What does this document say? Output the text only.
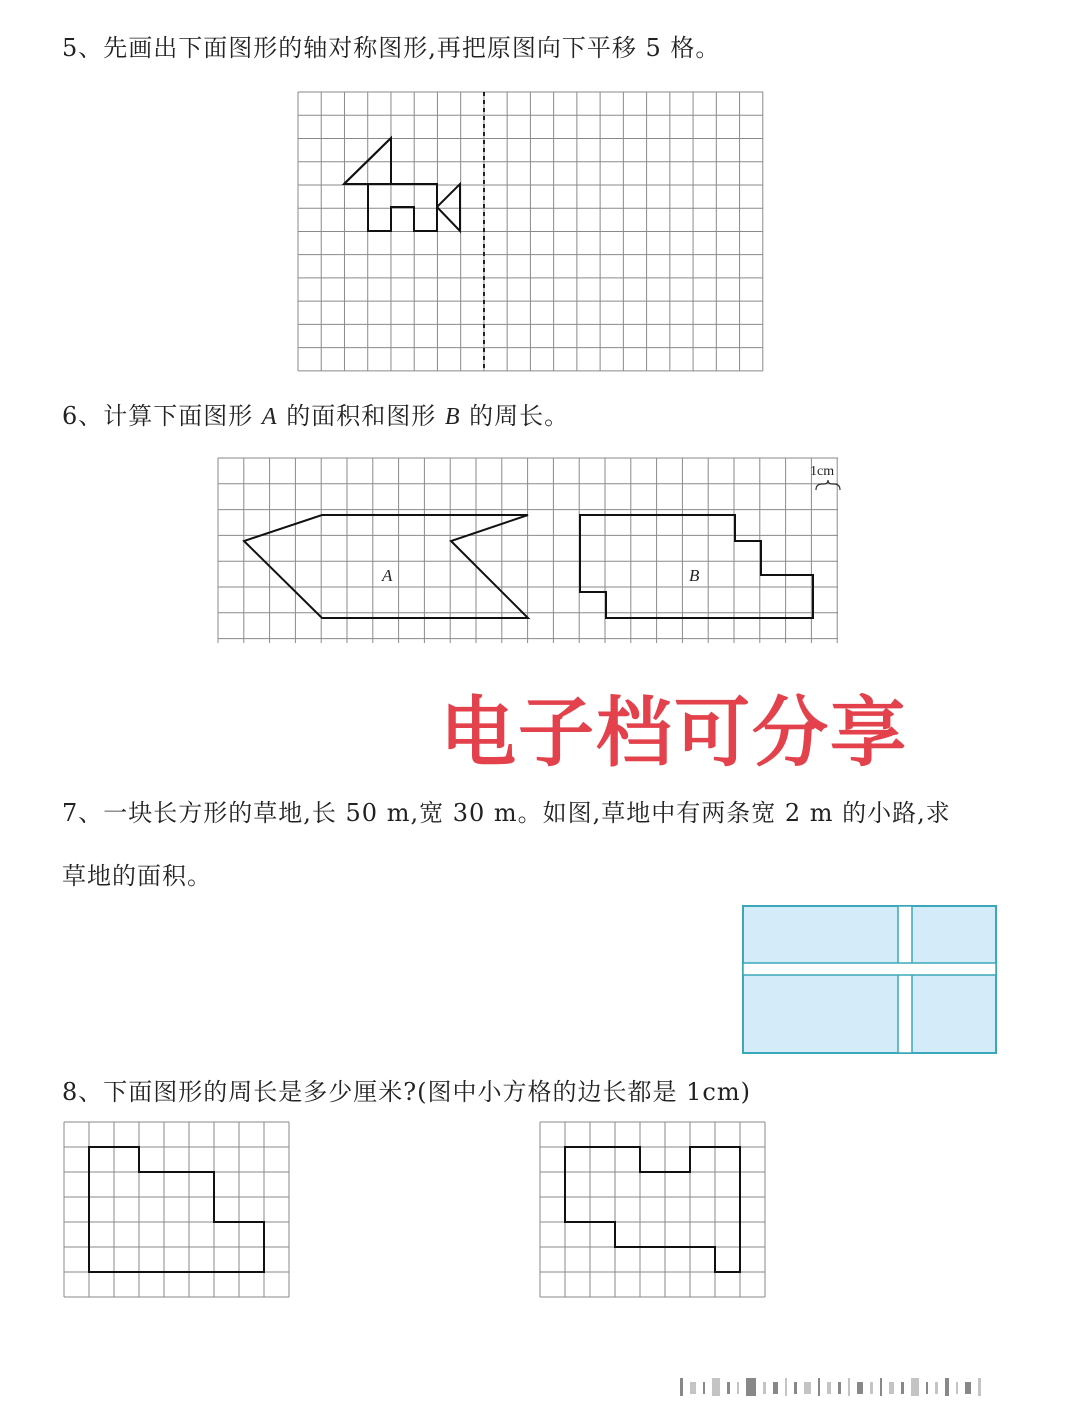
5、先画出下面图形的轴对称图形,再把原图向下平移 5 格。
6、计算下面图形 A 的面积和图形 B 的周长。
1cm
A	B
电子档可分享
7、一块长方形的草地,长 50 m,宽 30 m。如图,草地中有两条宽 2 m 的小路,求
草地的面积。
8、下面图形的周长是多少厘米?(图中小方格的边长都是 1cm)
